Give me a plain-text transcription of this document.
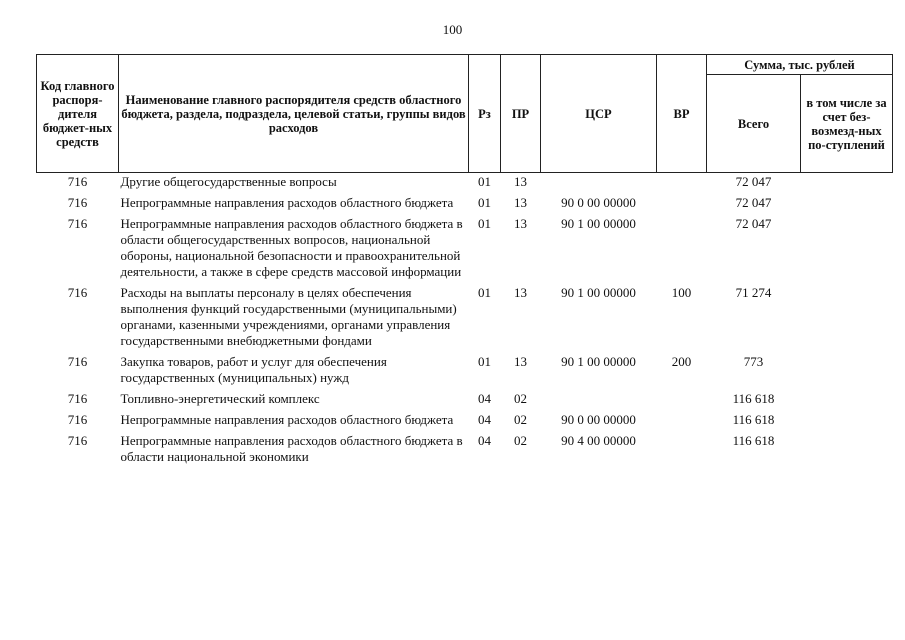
100
Код главного распоря-дителя бюджет-ных средств	Наименование главного распорядителя средств областного бюджета, раздела, подраздела, целевой статьи, группы видов расходов	Рз	ПР	ЦСР	ВР	Сумма, тыс. рублей	
						Всего	в том числе за счет без-возмезд-ных по-ступлений
716	Другие общегосударственные вопросы	01	13			72 047	
716	Непрограммные направления расходов областного бюджета	01	13	90 0 00 00000		72 047	
716	Непрограммные направления расходов областного бюджета в области общегосударственных вопросов, национальной обороны, национальной безопасности и правоохранительной деятельности, а также в сфере средств массовой информации	01	13	90 1 00 00000		72 047	
716	Расходы на выплаты персоналу в целях обеспечения выполнения функций государственными (муниципальными) органами, казенными учреждениями, органами управления государственными внебюджетными фондами	01	13	90 1 00 00000	100	71 274	
716	Закупка товаров, работ и услуг для обеспечения государственных (муниципальных) нужд	01	13	90 1 00 00000	200	773	
716	Топливно-энергетический комплекс	04	02			116 618	
716	Непрограммные направления расходов областного бюджета	04	02	90 0 00 00000		116 618	
716	Непрограммные направления расходов областного бюджета в области национальной экономики	04	02	90 4 00 00000		116 618	
